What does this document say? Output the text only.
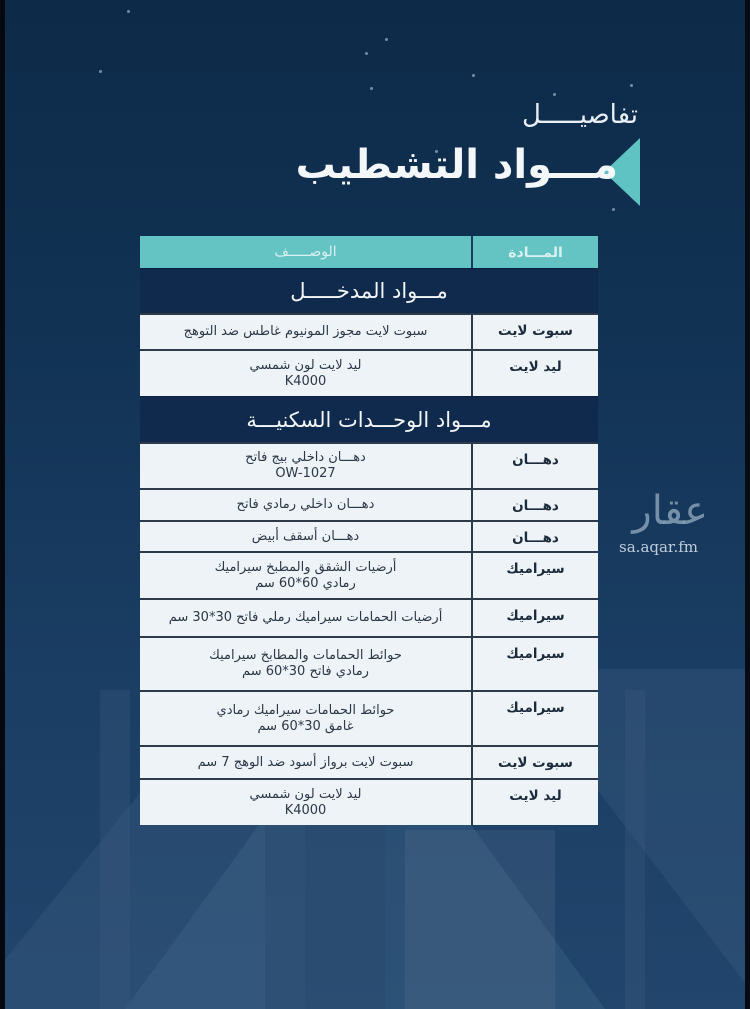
تفاصيـــــل
مـــواد التشطيب
المـــادة
الوصـــــف
مـــواد المدخـــــل
سبوت لايت
سبوت لايت مجوز المونيوم غاطس ضد التوهج
ليد لايت
ليد لايت لون شمسي
K4000
مـــواد الوحـــدات السكنيـــة
دهـــان
دهـــان داخلي بيج فاتح
OW-1027
دهـــان
دهـــان داخلي رمادي فاتح
دهـــان
دهـــان أسقف أبيض
سيراميك
أرضيات الشقق والمطبخ سيراميك
رمادي 60*60 سم
سيراميك
أرضيات الحمامات سيراميك رملي فاتح 30*30 سم
سيراميك
حوائط الحمامات والمطابخ سيراميك
رمادي فاتح 30*60 سم
سيراميك
حوائط الحمامات سيراميك رمادي
غامق 30*60 سم
سبوت لايت
سبوت لايت برواز أسود ضد الوهج 7 سم
ليد لايت
ليد لايت لون شمسي
K4000
عقار
sa.aqar.fm
